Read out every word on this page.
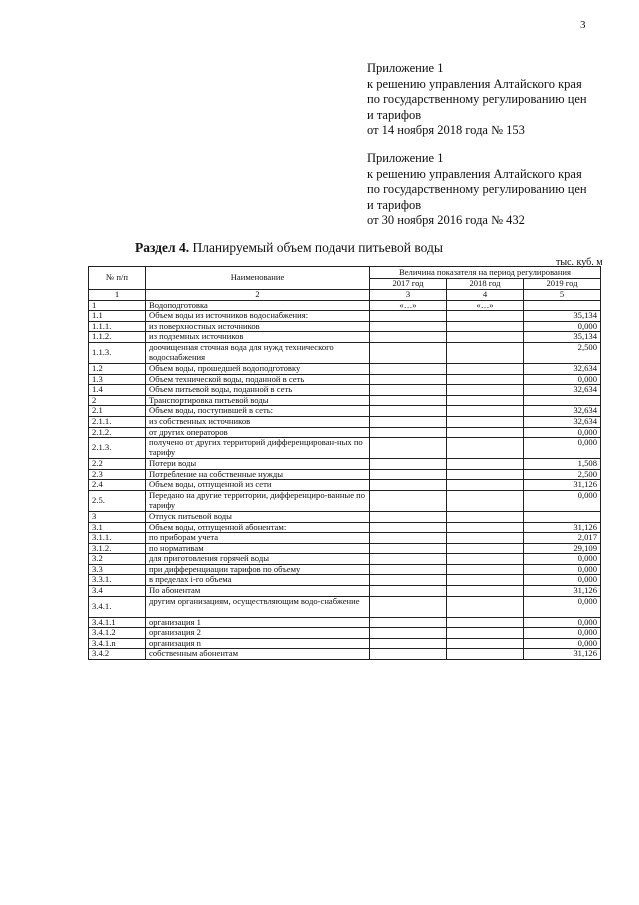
3
Приложение 1
к решению управления Алтайского края
по государственному регулированию цен
и тарифов
от 14 ноября 2018 года № 153
Приложение 1
к решению управления Алтайского края
по государственному регулированию цен
и тарифов
от 30 ноября 2016 года № 432
Раздел 4. Планируемый объем подачи питьевой воды
тыс. куб. м
№ п/п	Наименование	Величина показателя на период регулирования		
		2017 год	2018 год	2019 год
1	2	3	4	5
1	Водоподготовка	«…»	«…»	
1.1	Объем воды из источников водоснабжения:			35,134
1.1.1.	из поверхностных источников			0,000
1.1.2.	из подземных источников			35,134
1.1.3.	доочищенная сточная вода для нужд технического водоснабжения			2,500
1.2	Объем воды, прошедшей водоподготовку			32,634
1.3	Объем технической воды, поданной в сеть			0,000
1.4	Объем питьевой воды, поданной в сеть			32,634
2	Транспортировка питьевой воды			
2.1	Объем воды, поступившей в сеть:			32,634
2.1.1.	из собственных источников			32,634
2.1.2.	от других операторов			0,000
2.1.3.	получено от других территорий дифференцирован-ных по тарифу			0,000
2.2	Потери воды			1,508
2.3	Потребление на собственные нужды			2,500
2.4	Объем воды, отпущенной из сети			31,126
2.5.	Передано на другие территории, дифференциро-ванные по тарифу			0,000
3	Отпуск питьевой воды			
3.1	Объем воды, отпущенной абонентам:			31,126
3.1.1.	по приборам учета			2,017
3.1.2.	по нормативам			29,109
3.2	для приготовления горячей воды			0,000
3.3	при дифференциации тарифов по объему			0,000
3.3.1.	в пределах i-го объема			0,000
3.4	По абонентам			31,126
3.4.1.	другим организациям, осуществляющим водо-снабжение			0,000
3.4.1.1	организация 1			0,000
3.4.1.2	организация 2			0,000
3.4.1.n	организация n			0,000
3.4.2	собственным абонентам			31,126
